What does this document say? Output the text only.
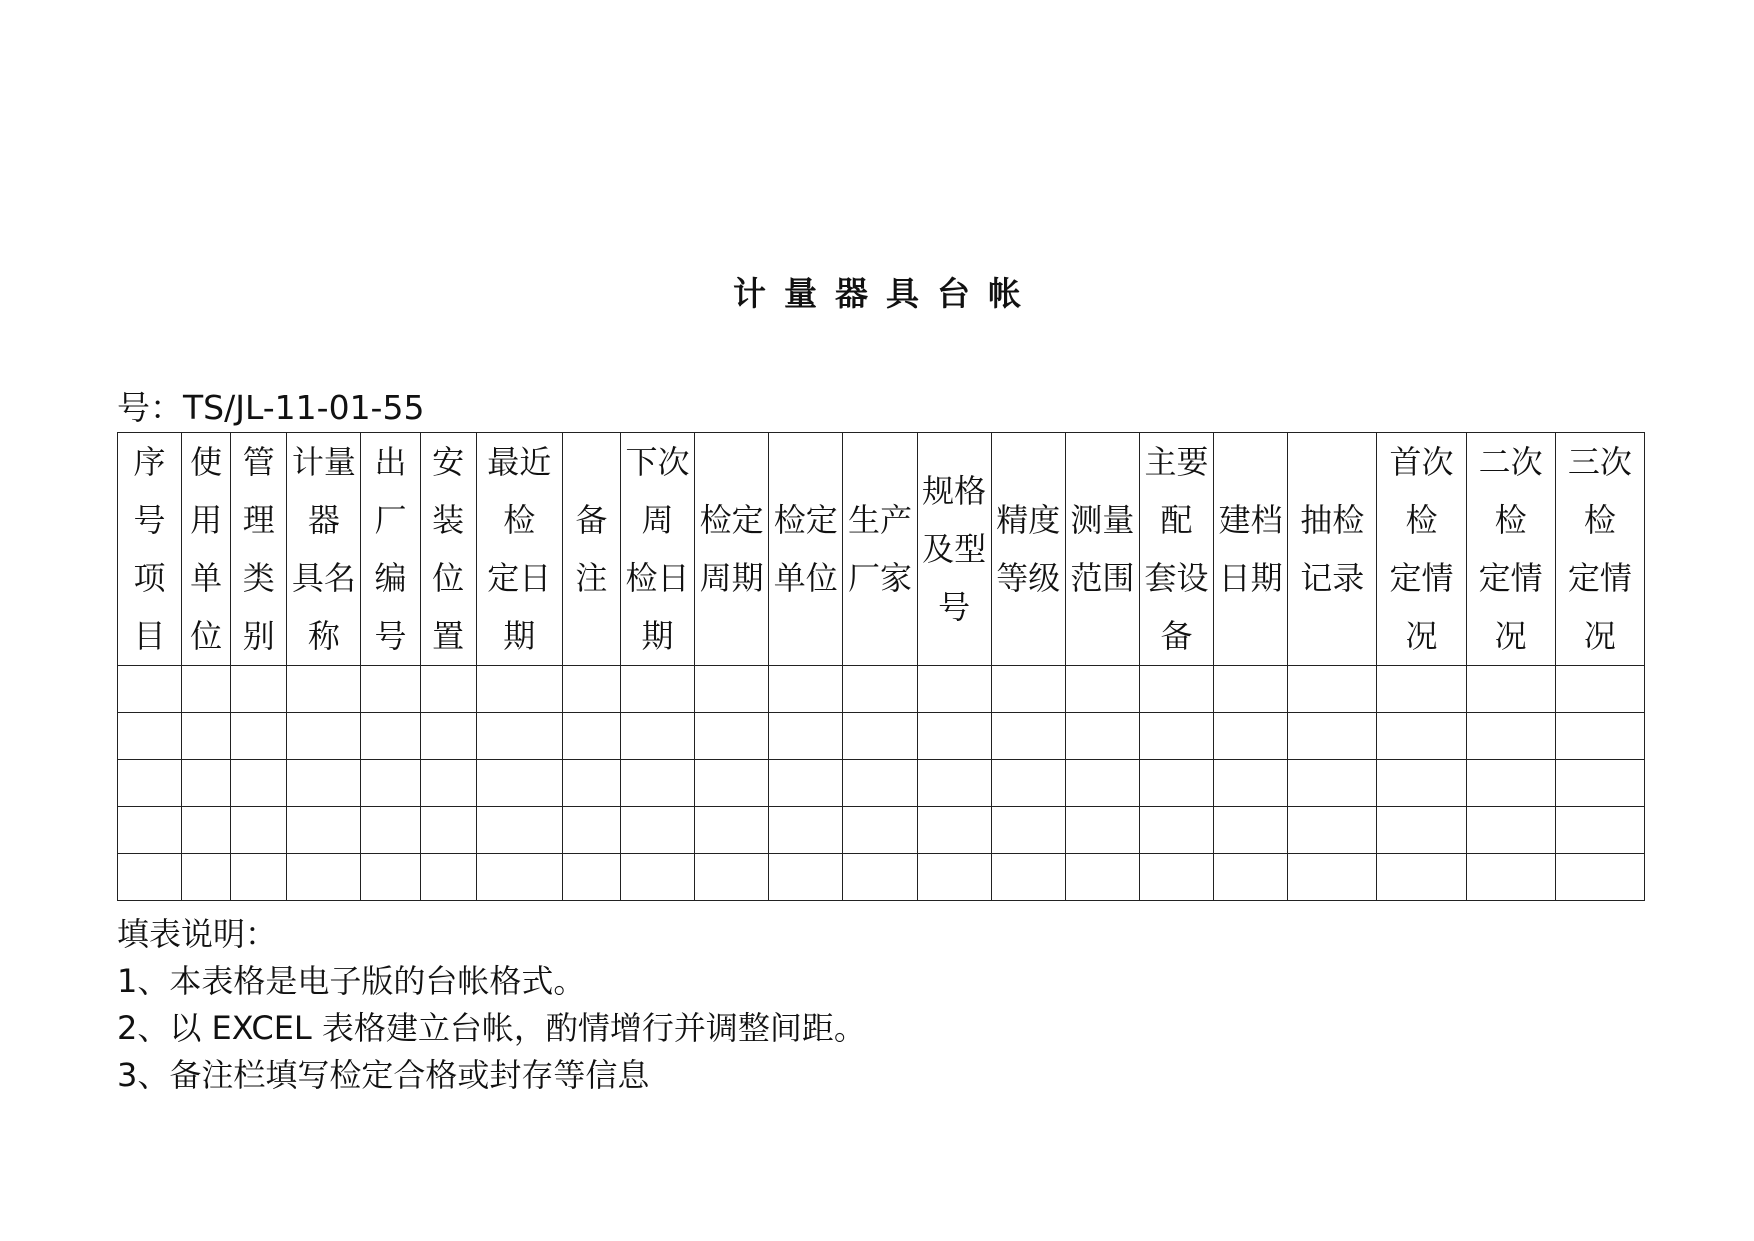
计量器具台帐
号：TS/JL-11-01-55
序
号
项
目	使
用
单
位	管
理
类
别	计量
器
具名
称	出
厂
编
号	安
装
位
置	最近
检
定日
期	备
注	下次
周
检日
期	检定
周期	检定
单位	生产
厂家	规格
及型
号	精度
等级	测量
范围	主要
配
套设
备	建档
日期	抽检
记录	首次
检
定情
况	二次
检
定情
况	三次
检
定情
况

填表说明：
1、本表格是电子版的台帐格式。
2、以 EXCEL 表格建立台帐，酌情增行并调整间距。
3、备注栏填写检定合格或封存等信息
